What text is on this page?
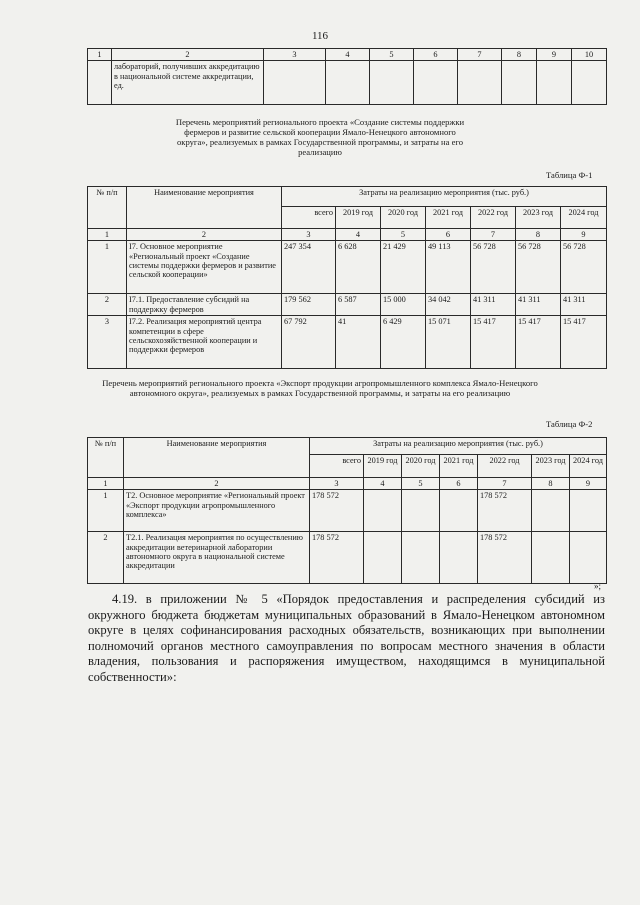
116
1	2	3	4	5	6	7	8	9	10
	лабораторий, получивших аккредитацию в национальной системе аккредитации, ед.								
Перечень мероприятий регионального проекта «Создание системы поддержки фермеров и развитие сельской кооперации Ямало-Ненецкого автономного округа», реализуемых в рамках Государственной программы, и затраты на его реализацию
Таблица Ф-1
№ п/п	Наименование мероприятия	Затраты на реализацию мероприятия (тыс. руб.)						
		всего	2019 год	2020 год	2021 год	2022 год	2023 год	2024 год
1	2	3	4	5	6	7	8	9
1	I7. Основное мероприятие «Региональный проект «Создание системы поддержки фермеров и развитие сельской кооперации»	247 354	6 628	21 429	49 113	56 728	56 728	56 728
2	I7.1. Предоставление субсидий на поддержку фермеров	179 562	6 587	15 000	34 042	41 311	41 311	41 311
3	I7.2. Реализация мероприятий центра компетенции в сфере сельскохозяйственной кооперации и поддержки фермеров	67 792	41	6 429	15 071	15 417	15 417	15 417
Перечень мероприятий регионального проекта «Экспорт продукции агропромышленного комплекса Ямало-Ненецкого автономного округа», реализуемых в рамках Государственной программы, и затраты на его реализацию
Таблица Ф-2
№ п/п	Наименование мероприятия	Затраты на реализацию мероприятия (тыс. руб.)						
		всего	2019 год	2020 год	2021 год	2022 год	2023 год	2024 год
1	2	3	4	5	6	7	8	9
1	Т2. Основное мероприятие «Региональный проект «Экспорт продукции агропромышленного комплекса»	178 572				178 572		
2	Т2.1. Реализация мероприятия по осуществлению аккредитации ветеринарной лаборатории автономного округа в национальной системе аккредитации	178 572				178 572		
»;
4.19. в приложении № 5 «Порядок предоставления и распределения субсидий из окружного бюджета бюджетам муниципальных образований в Ямало-Ненецком автономном округе в целях софинансирования расходных обязательств, возникающих при выполнении полномочий органов местного самоуправления по вопросам местного значения в области владения, пользования и распоряжения имуществом, находящимся в муниципальной собственности»:
